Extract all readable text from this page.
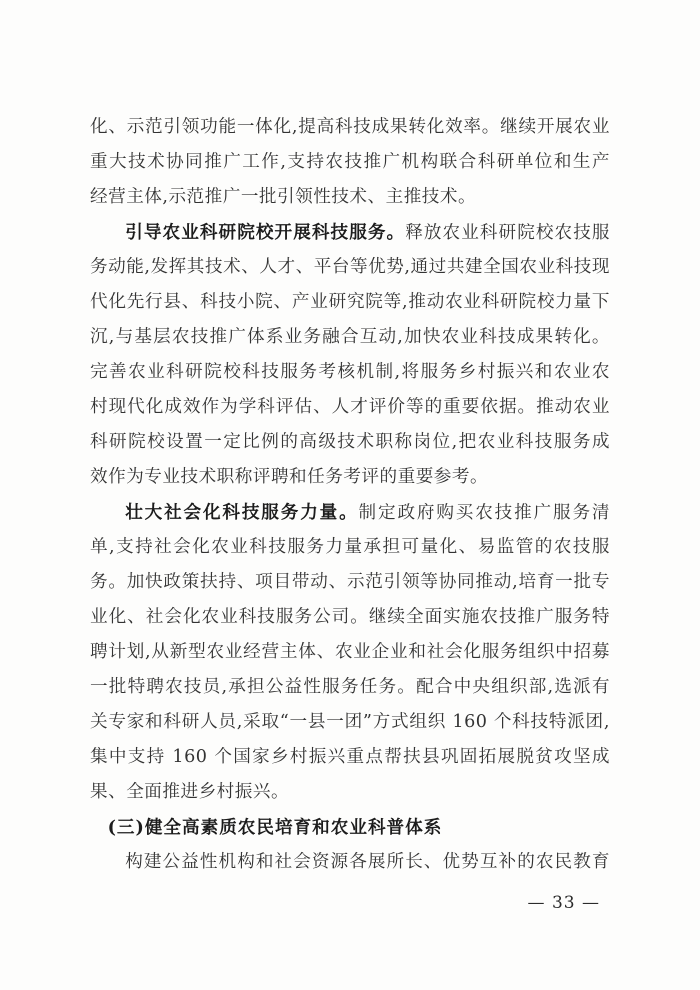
化、示范引领功能一体化,提高科技成果转化效率。继续开展农业
重大技术协同推广工作,支持农技推广机构联合科研单位和生产
经营主体,示范推广一批引领性技术、主推技术。
引导农业科研院校开展科技服务。释放农业科研院校农技服
务动能,发挥其技术、人才、平台等优势,通过共建全国农业科技现
代化先行县、科技小院、产业研究院等,推动农业科研院校力量下
沉,与基层农技推广体系业务融合互动,加快农业科技成果转化。
完善农业科研院校科技服务考核机制,将服务乡村振兴和农业农
村现代化成效作为学科评估、人才评价等的重要依据。推动农业
科研院校设置一定比例的高级技术职称岗位,把农业科技服务成
效作为专业技术职称评聘和任务考评的重要参考。
壮大社会化科技服务力量。制定政府购买农技推广服务清
单,支持社会化农业科技服务力量承担可量化、易监管的农技服
务。加快政策扶持、项目带动、示范引领等协同推动,培育一批专
业化、社会化农业科技服务公司。继续全面实施农技推广服务特
聘计划,从新型农业经营主体、农业企业和社会化服务组织中招募
一批特聘农技员,承担公益性服务任务。配合中央组织部,选派有
关专家和科研人员,采取“一县一团”方式组织 160 个科技特派团,
集中支持 160 个国家乡村振兴重点帮扶县巩固拓展脱贫攻坚成
果、全面推进乡村振兴。
(三)健全高素质农民培育和农业科普体系
构建公益性机构和社会资源各展所长、优势互补的农民教育
— 33 —
